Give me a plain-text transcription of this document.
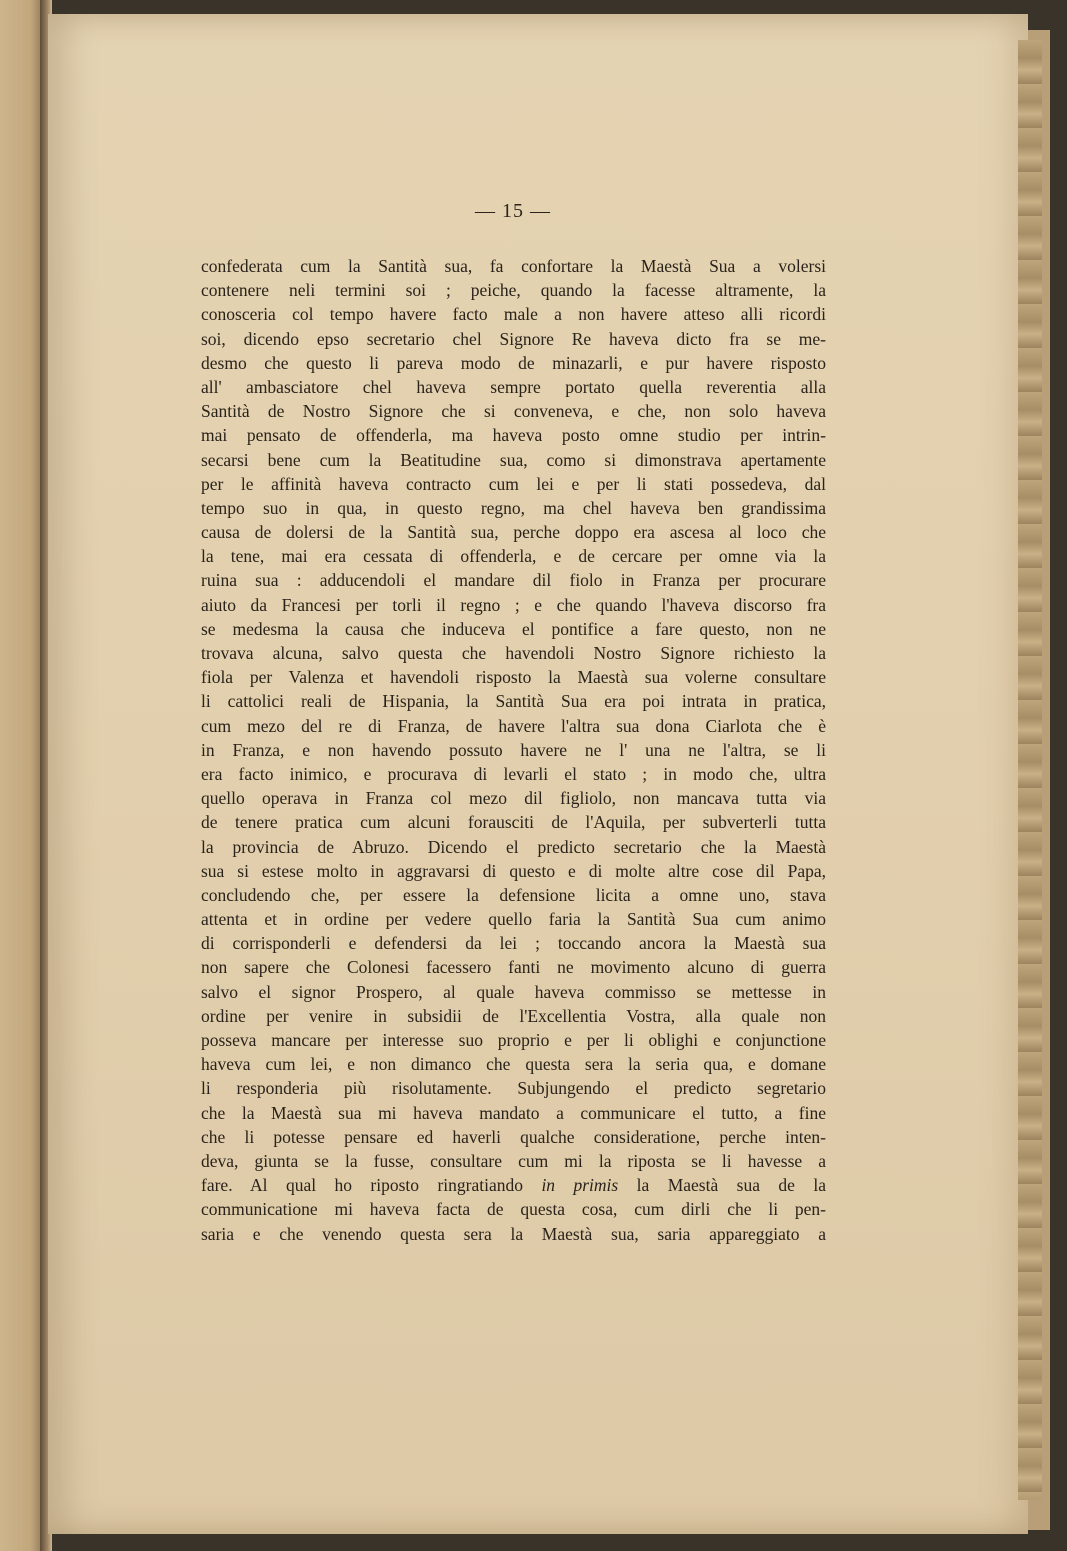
— 15 —
confederata cum la Santità sua, fa confortare la Maestà Sua a volersi
contenere neli termini soi ; peiche, quando la facesse altramente, la
conosceria col tempo havere facto male a non havere atteso alli ricordi
soi, dicendo epso secretario chel Signore Re haveva dicto fra se me-
desmo che questo li pareva modo de minazarli, e pur havere risposto
all' ambasciatore chel haveva sempre portato quella reverentia alla
Santità de Nostro Signore che si conveneva, e che, non solo haveva
mai pensato de offenderla, ma haveva posto omne studio per intrin-
secarsi bene cum la Beatitudine sua, como si dimonstrava apertamente
per le affinità haveva contracto cum lei e per li stati possedeva, dal
tempo suo in qua, in questo regno, ma chel haveva ben grandissima
causa de dolersi de la Santità sua, perche doppo era ascesa al loco che
la tene, mai era cessata di offenderla, e de cercare per omne via la
ruina sua : adducendoli el mandare dil fiolo in Franza per procurare
aiuto da Francesi per torli il regno ; e che quando l'haveva discorso fra
se medesma la causa che induceva el pontifice a fare questo, non ne
trovava alcuna, salvo questa che havendoli Nostro Signore richiesto la
fiola per Valenza et havendoli risposto la Maestà sua volerne consultare
li cattolici reali de Hispania, la Santità Sua era poi intrata in pratica,
cum mezo del re di Franza, de havere l'altra sua dona Ciarlota che è
in Franza, e non havendo possuto havere ne l' una ne l'altra, se li
era facto inimico, e procurava di levarli el stato ; in modo che, ultra
quello operava in Franza col mezo dil figliolo, non mancava tutta via
de tenere pratica cum alcuni forausciti de l'Aquila, per subverterli tutta
la provincia de Abruzo. Dicendo el predicto secretario che la Maestà
sua si estese molto in aggravarsi di questo e di molte altre cose dil Papa,
concludendo che, per essere la defensione licita a omne uno, stava
attenta et in ordine per vedere quello faria la Santità Sua cum animo
di corrisponderli e defendersi da lei ; toccando ancora la Maestà sua
non sapere che Colonesi facessero fanti ne movimento alcuno di guerra
salvo el signor Prospero, al quale haveva commisso se mettesse in
ordine per venire in subsidii de l'Excellentia Vostra, alla quale non
posseva mancare per interesse suo proprio e per li oblighi e conjunctione
haveva cum lei, e non dimanco che questa sera la seria qua, e domane
li responderia più risolutamente. Subjungendo el predicto segretario
che la Maestà sua mi haveva mandato a communicare el tutto, a fine
che li potesse pensare ed haverli qualche consideratione, perche inten-
deva, giunta se la fusse, consultare cum mi la riposta se li havesse a
fare. Al qual ho riposto ringratiando in primis la Maestà sua de la
communicatione mi haveva facta de questa cosa, cum dirli che li pen-
saria e che venendo questa sera la Maestà sua, saria appareggiato a
